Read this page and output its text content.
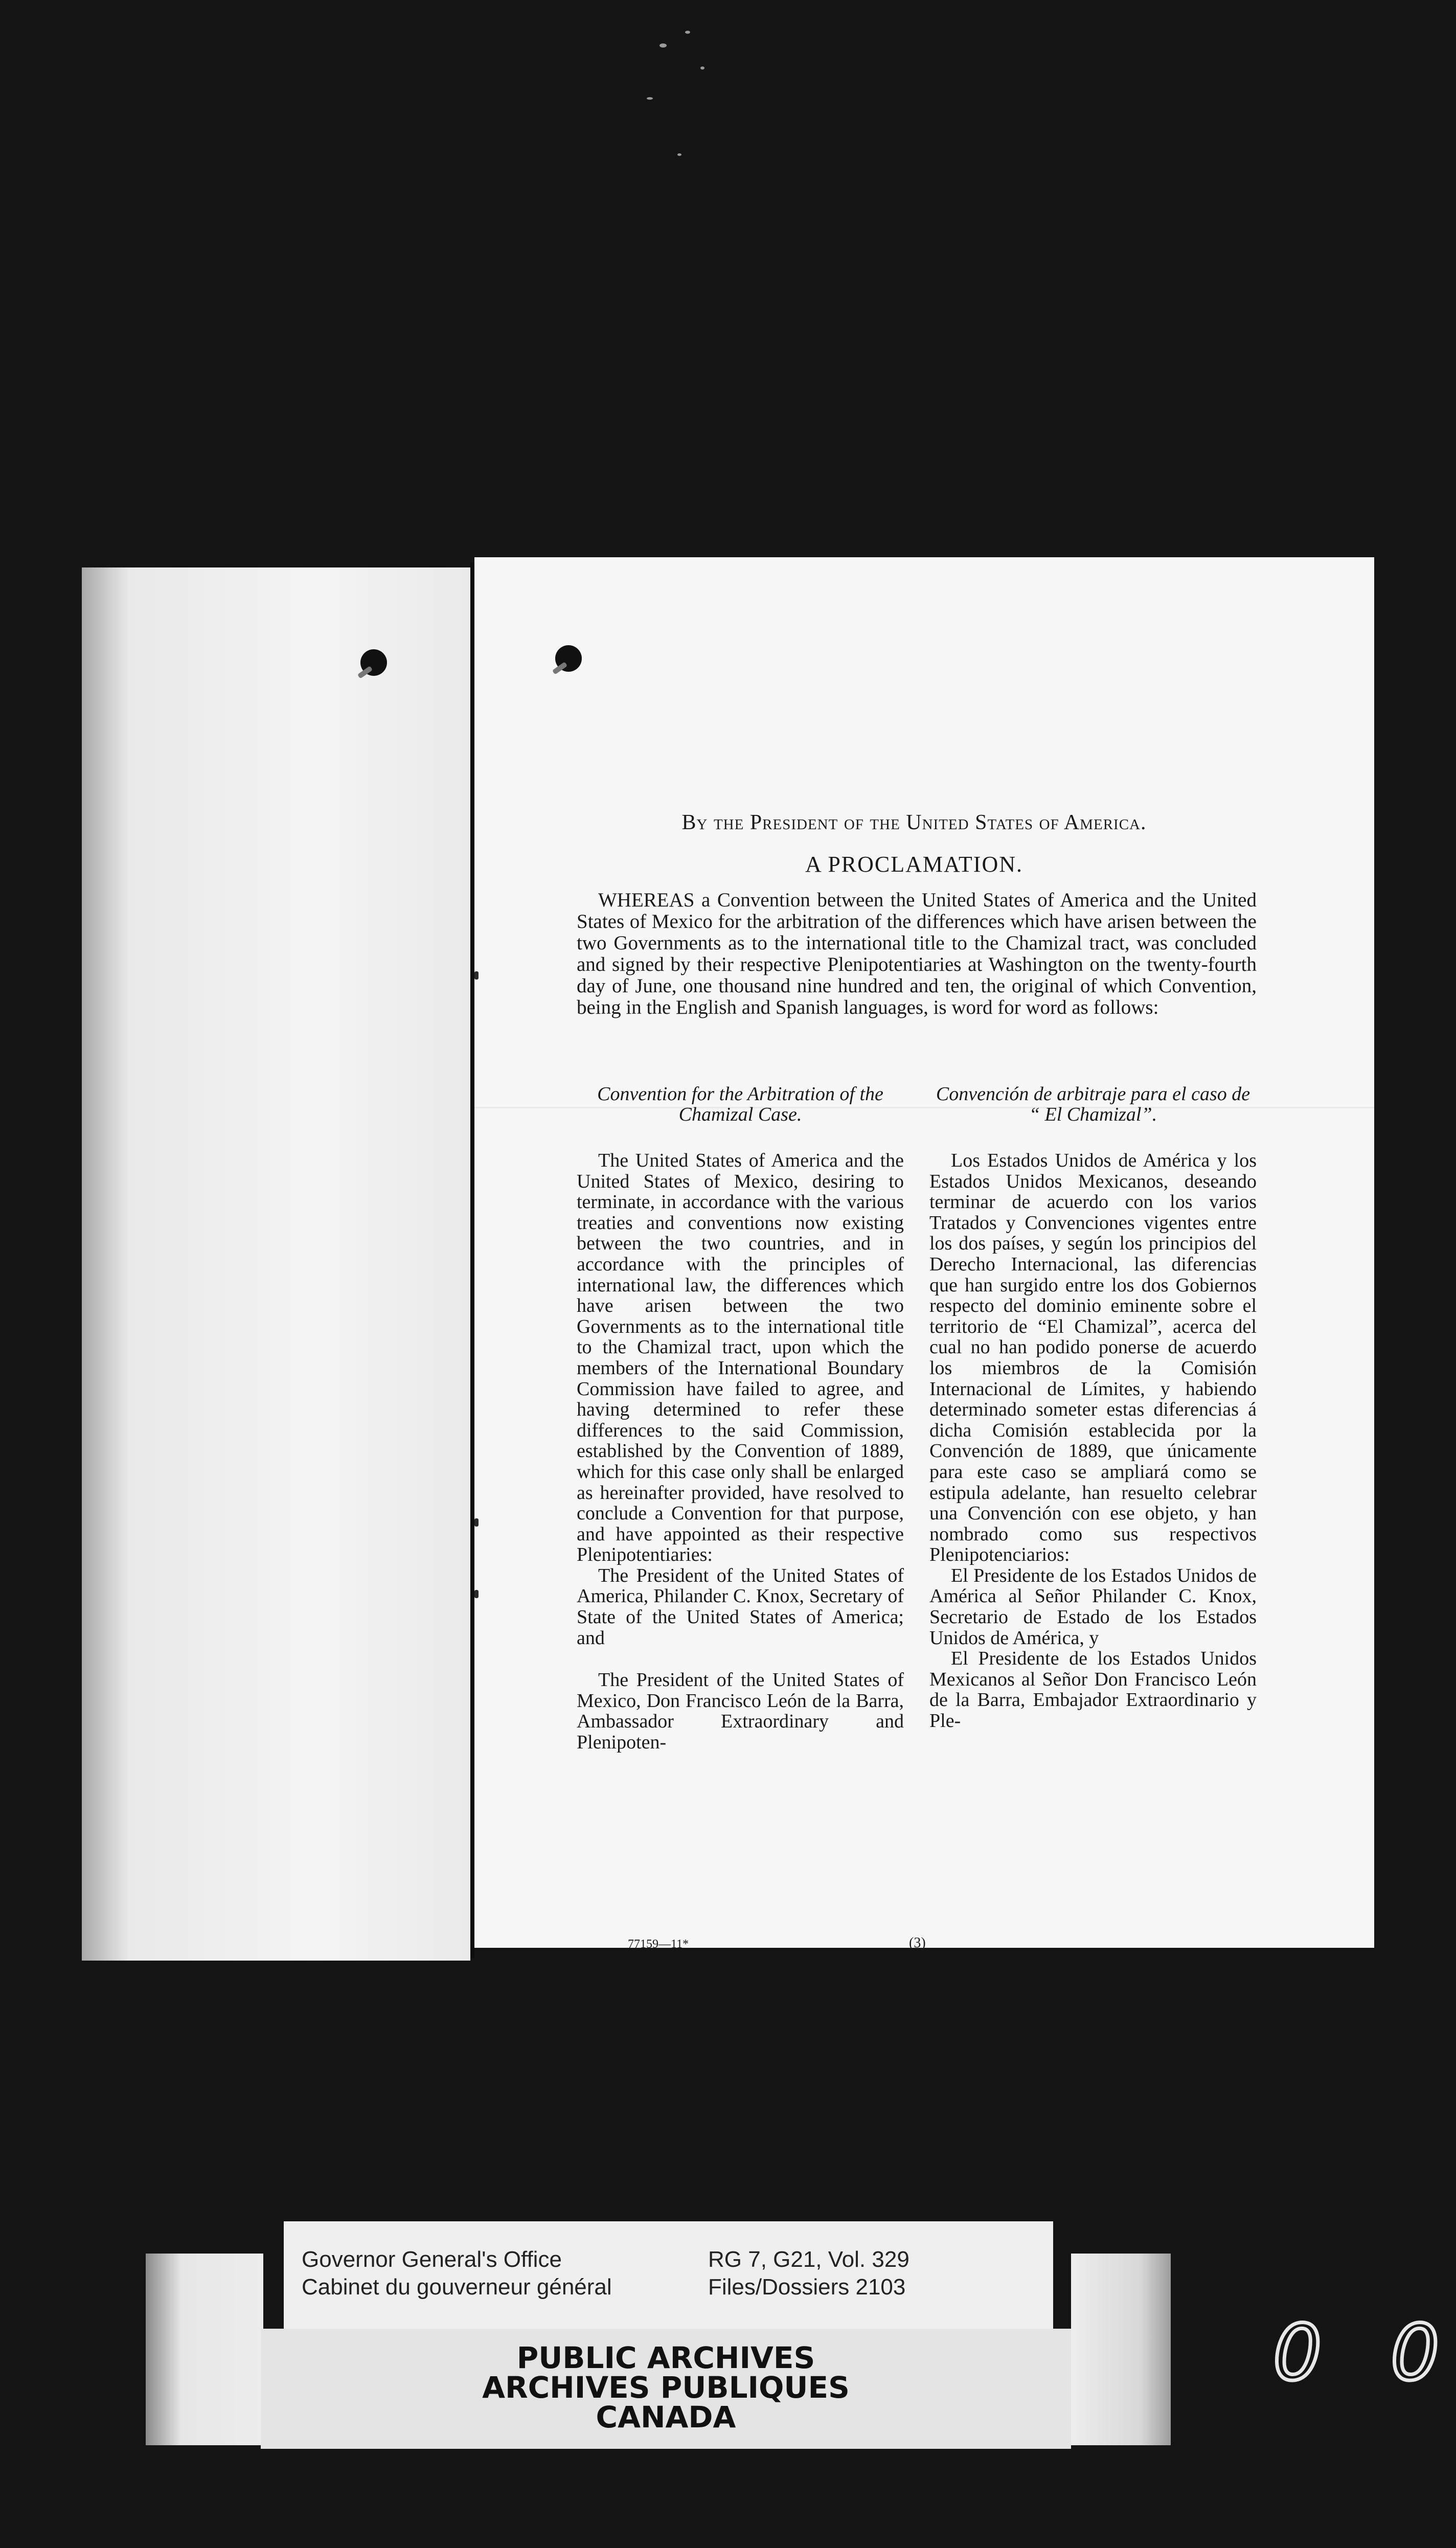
By the President of the United States of America.
A PROCLAMATION.

WHEREAS a Convention between the United States of America and the United States of Mexico for the arbitration of the differences which have arisen between the two Governments as to the international title to the Chamizal tract, was concluded and signed by their respective Plenipotentiaries at Washington on the twenty-fourth day of June, one thousand nine hundred and ten, the original of which Convention, being in the English and Spanish languages, is word for word as follows:

Convention for the Arbitration of the Chamizal Case.

Convención de arbitraje para el caso de “ El Chamizal”.

The United States of America and the United States of Mexico, desiring to terminate, in accordance with the various treaties and conventions now existing between the two countries, and in accordance with the principles of international law, the differences which have arisen between the two Governments as to the international title to the Chamizal tract, upon which the members of the International Boundary Commission have failed to agree, and having determined to refer these differences to the said Commission, established by the Convention of 1889, which for this case only shall be enlarged as hereinafter provided, have resolved to conclude a Convention for that purpose, and have appointed as their respective Plenipotentiaries:

The President of the United States of America, Philander C. Knox, Secretary of State of the United States of America; and

The President of the United States of Mexico, Don Francisco León de la Barra, Ambassador Extraordinary and Plenipoten-

Los Estados Unidos de América y los Estados Unidos Mexicanos, deseando terminar de acuerdo con los varios Tratados y Convenciones vigentes entre los dos países, y según los principios del Derecho Internacional, las diferencias que han surgido entre los dos Gobiernos respecto del dominio eminente sobre el territorio de “El Chamizal”, acerca del cual no han podido ponerse de acuerdo los miembros de la Comisión Internacional de Límites, y habiendo determinado someter estas diferencias á dicha Comisión establecida por la Convención de 1889, que únicamente para este caso se ampliará como se estipula adelante, han resuelto celebrar una Convención con ese objeto, y han nombrado como sus respectivos Plenipotenciarios:

El Presidente de los Estados Unidos de América al Señor Philander C. Knox, Secretario de Estado de los Estados Unidos de América, y

El Presidente de los Estados Unidos Mexicanos al Señor Don Francisco León de la Barra, Embajador Extraordinario y Ple-

77159—11*	(3)
Governor General's Office
Cabinet du gouverneur général
RG 7, G21, Vol. 329
Files/Dossiers 2103
PUBLIC ARCHIVES
ARCHIVES PUBLIQUES
CANADA
0 0
